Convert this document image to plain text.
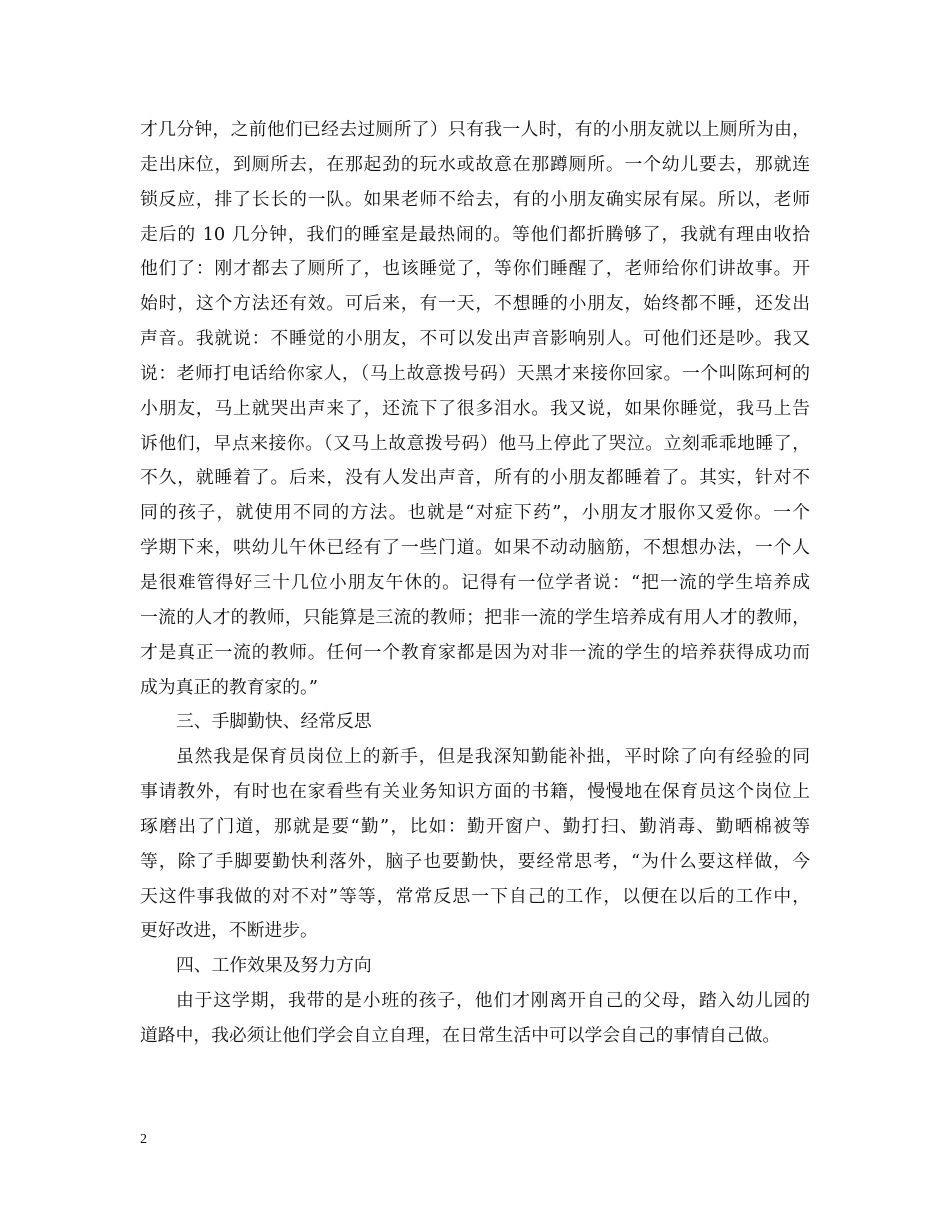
才几分钟，之前他们已经去过厕所了）只有我一人时，有的小朋友就以上厕所为由，
走出床位，到厕所去，在那起劲的玩水或故意在那蹲厕所。一个幼儿要去，那就连
锁反应，排了长长的一队。如果老师不给去，有的小朋友确实尿有屎。所以，老师
走后的 10 几分钟，我们的睡室是最热闹的。等他们都折腾够了，我就有理由收拾
他们了：刚才都去了厕所了，也该睡觉了，等你们睡醒了，老师给你们讲故事。开
始时，这个方法还有效。可后来，有一天，不想睡的小朋友，始终都不睡，还发出
声音。我就说：不睡觉的小朋友，不可以发出声音影响别人。可他们还是吵。我又
说：老师打电话给你家人，（马上故意拨号码）天黑才来接你回家。一个叫陈珂柯的
小朋友，马上就哭出声来了，还流下了很多泪水。我又说，如果你睡觉，我马上告
诉他们，早点来接你。（又马上故意拨号码）他马上停此了哭泣。立刻乖乖地睡了，
不久，就睡着了。后来，没有人发出声音，所有的小朋友都睡着了。其实，针对不
同的孩子，就使用不同的方法。也就是“对症下药”，小朋友才服你又爱你。一个
学期下来，哄幼儿午休已经有了一些门道。如果不动动脑筋，不想想办法，一个人
是很难管得好三十几位小朋友午休的。记得有一位学者说：“把一流的学生培养成
一流的人才的教师，只能算是三流的教师；把非一流的学生培养成有用人才的教师，
才是真正一流的教师。任何一个教育家都是因为对非一流的学生的培养获得成功而
成为真正的教育家的。”
三、手脚勤快、经常反思
虽然我是保育员岗位上的新手，但是我深知勤能补拙，平时除了向有经验的同
事请教外，有时也在家看些有关业务知识方面的书籍，慢慢地在保育员这个岗位上
琢磨出了门道，那就是要“勤”，比如：勤开窗户、勤打扫、勤消毒、勤晒棉被等
等，除了手脚要勤快利落外，脑子也要勤快，要经常思考，“为什么要这样做，今
天这件事我做的对不对”等等，常常反思一下自己的工作，以便在以后的工作中，
更好改进，不断进步。
四、工作效果及努力方向
由于这学期，我带的是小班的孩子，他们才刚离开自己的父母，踏入幼儿园的
道路中，我必须让他们学会自立自理，在日常生活中可以学会自己的事情自己做。
2
